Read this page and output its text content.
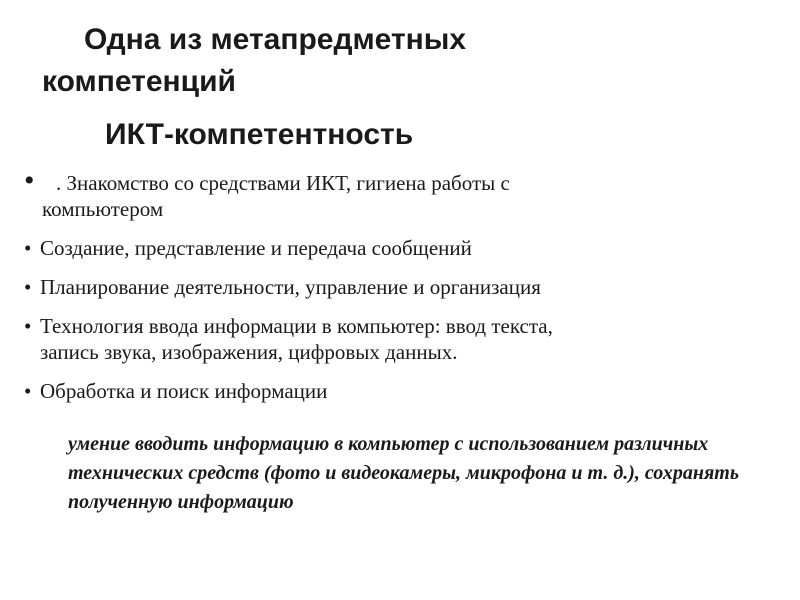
Одна из метапредметных
компетенций
ИКТ-компетентность
•	. Знакомство со средствами ИКТ, гигиена работы с
компьютером
• Создание, представление и передача сообщений
• Планирование деятельности, управление и организация
• Технология ввода информации в компьютер: ввод текста,
запись звука, изображения, цифровых данных.
• Обработка и поиск информации
умение вводить информацию в компьютер с использованием различных технических средств (фото и видеокамеры, микрофона и т. д.), сохранять полученную информацию
